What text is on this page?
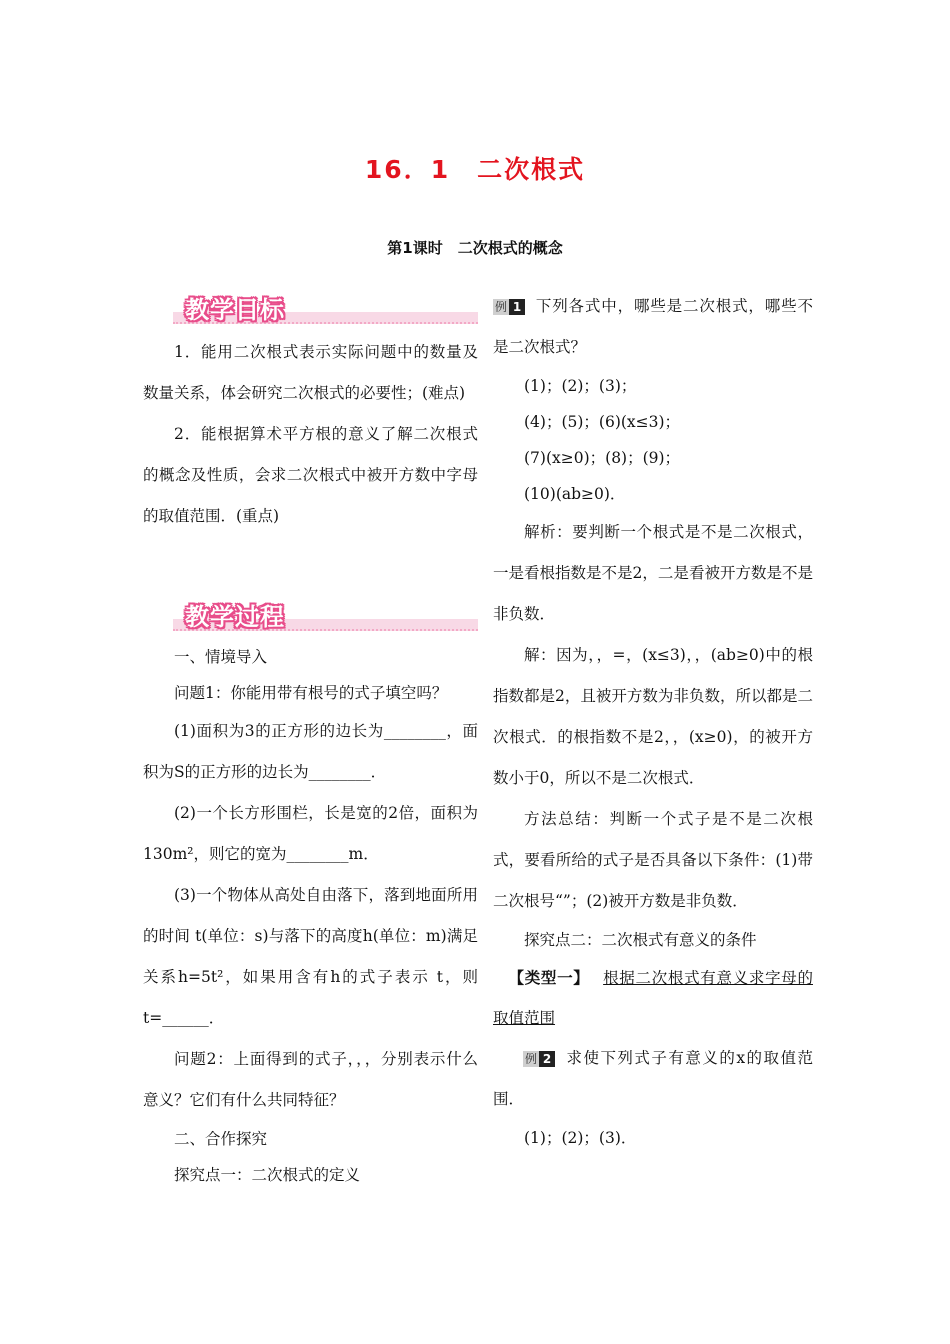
16．1　二次根式
第1课时　二次根式的概念
教学目标

1．能用二次根式表示实际问题中的数量及数量关系，体会研究二次根式的必要性；(难点)

2．能根据算术平方根的意义了解二次根式的概念及性质，会求二次根式中被开方数中字母的取值范围．(重点)

教学过程

一、情境导入

问题1：你能用带有根号的式子填空吗？

(1)面积为3的正方形的边长为________，面积为S的正方形的边长为________．

(2)一个长方形围栏，长是宽的2倍，面积为130m²，则它的宽为________m．

(3)一个物体从高处自由落下，落到地面所用的时间 t(单位：s)与落下的高度h(单位：m)满足关系h=5t²，如果用含有h的式子表示 t，则 t=______．

问题2：上面得到的式子，，，分别表示什么意义？它们有什么共同特征？

二、合作探究

探究点一：二次根式的定义

例 1 下列各式中，哪些是二次根式，哪些不是二次根式？

(1)；(2)；(3)；

(4)；(5)；(6)(x≤3)；

(7)(x≥0)；(8)；(9)；

(10)(ab≥0)．

解析：要判断一个根式是不是二次根式，一是看根指数是不是2，二是看被开方数是不是非负数．

解：因为，，=，(x≤3)，，(ab≥0)中的根指数都是2，且被开方数为非负数，所以都是二次根式．的根指数不是2，，(x≥0)，的被开方数小于0，所以不是二次根式．

方法总结：判断一个式子是不是二次根式，要看所给的式子是否具备以下条件：(1)带二次根号“”；(2)被开方数是非负数．

探究点二：二次根式有意义的条件

【类型一】 根据二次根式有意义求字母的取值范围

例 2 求使下列式子有意义的x的取值范围．

(1)；(2)；(3)．
